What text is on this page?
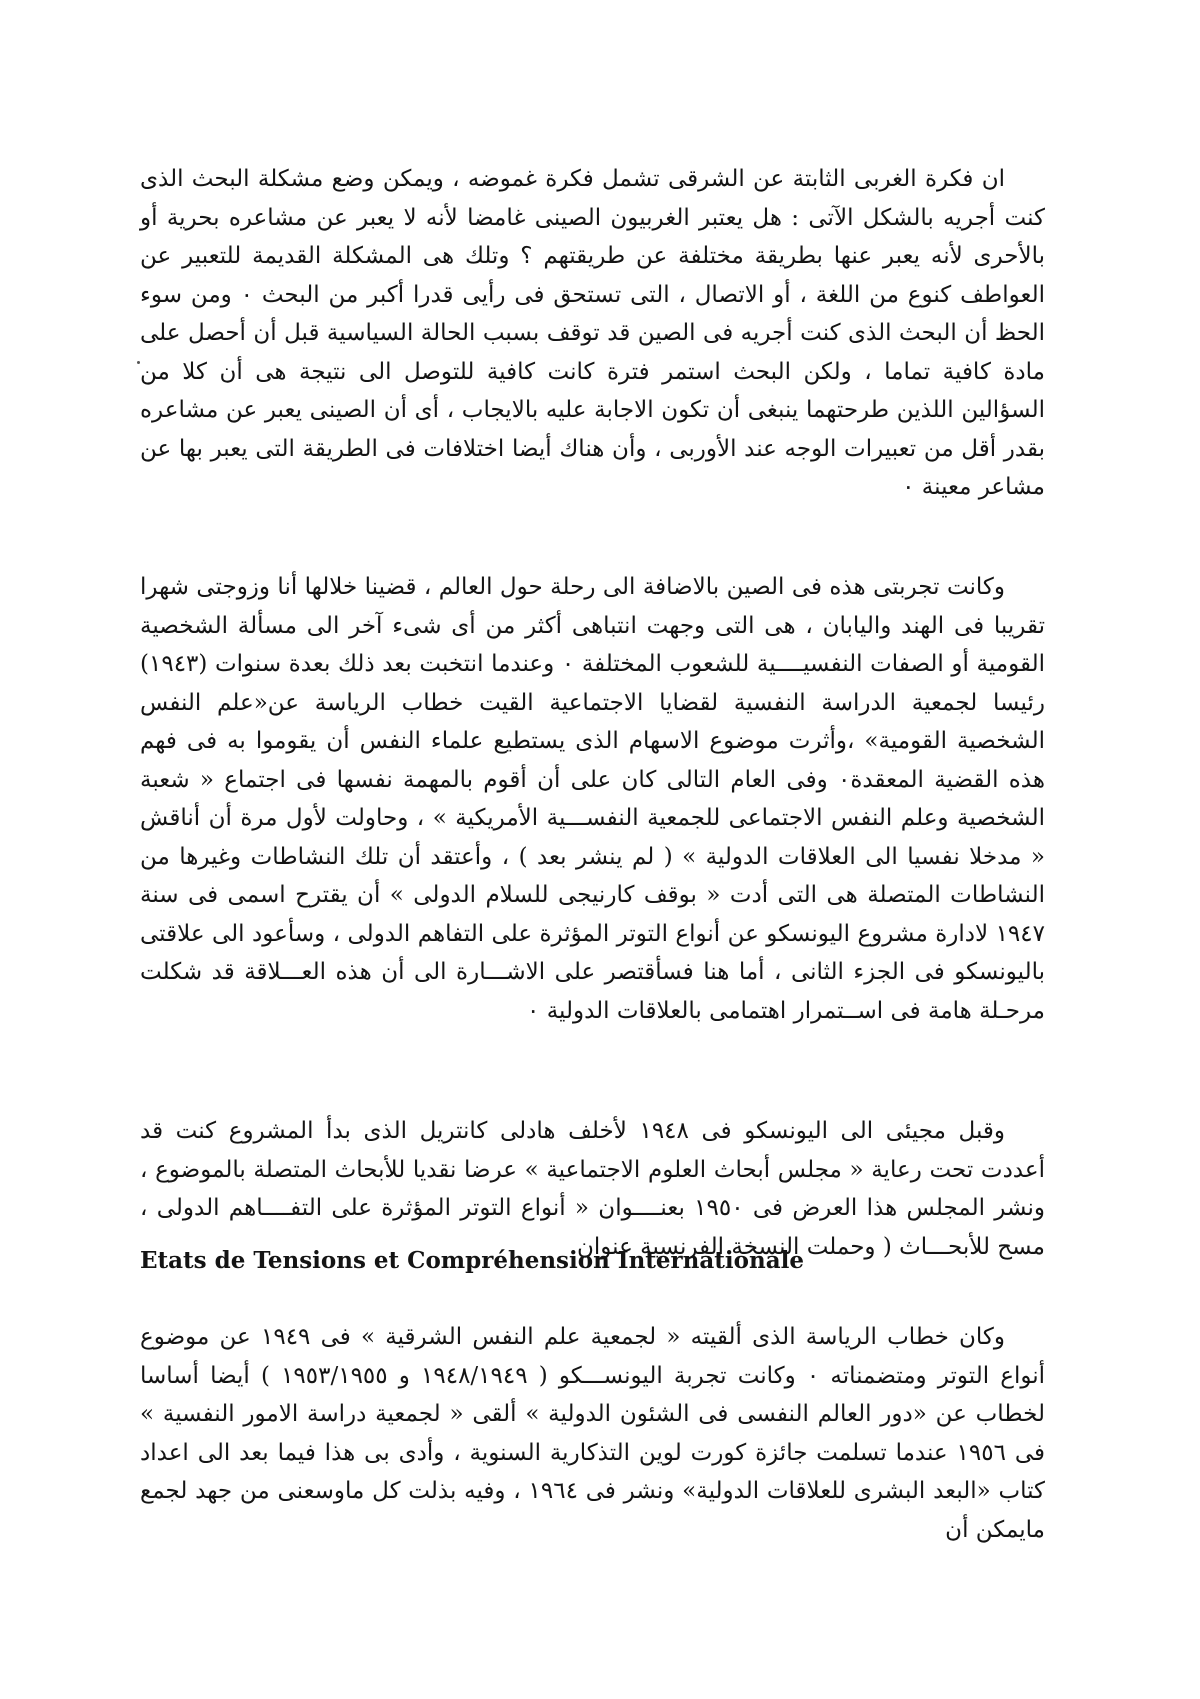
ان فكرة الغربى الثابتة عن الشرقى تشمل فكرة غموضه ، ويمكن وضع مشكلة البحث الذى كنت أجريه بالشكل الآتى : هل يعتبر الغربيون الصينى غامضا لأنه لا يعبر عن مشاعره بحرية أو بالأحرى لأنه يعبر عنها بطريقة مختلفة عن طريقتهم ؟ وتلك هى المشكلة القديمة للتعبير عن العواطف كنوع من اللغة ، أو الاتصال ، التى تستحق فى رأيى قدرا أكبر من البحث ٠ ومن سوء الحظ أن البحث الذى كنت أجريه فى الصين قد توقف بسبب الحالة السياسية قبل أن أحصل على مادة كافية تماما ، ولكن البحث استمر فترة كانت كافية للتوصل الى نتيجة هى أن كلا من السؤالين اللذين طرحتهما ينبغى أن تكون الاجابة عليه بالايجاب ، أى أن الصينى يعبر عن مشاعره بقدر أقل من تعبيرات الوجه عند الأوربى ، وأن هناك أيضا اختلافات فى الطريقة التى يعبر بها عن مشاعر معينة ٠

وكانت تجربتى هذه فى الصين بالاضافة الى رحلة حول العالم ، قضينا خلالها أنا وزوجتى شهرا تقريبا فى الهند واليابان ، هى التى وجهت انتباهى أكثر من أى شىء آخر الى مسألة الشخصية القومية أو الصفات النفسيــــية للشعوب المختلفة ٠ وعندما انتخبت بعد ذلك بعدة سنوات (١٩٤٣) رئيسا لجمعية الدراسة النفسية لقضايا الاجتماعية القيت خطاب الرياسة عن«علم النفس الشخصية القومية» ،وأثرت موضوع الاسهام الذى يستطيع علماء النفس أن يقوموا به فى فهم هذه القضية المعقدة٠ وفى العام التالى كان على أن أقوم بالمهمة نفسها فى اجتماع « شعبة الشخصية وعلم النفس الاجتماعى للجمعية النفســـية الأمريكية » ، وحاولت لأول مرة أن أناقش « مدخلا نفسيا الى العلاقات الدولية » ( لم ينشر بعد ) ، وأعتقد أن تلك النشاطات وغيرها من النشاطات المتصلة هى التى أدت « بوقف كارنيجى للسلام الدولى » أن يقترح اسمى فى سنة ١٩٤٧ لادارة مشروع اليونسكو عن أنواع التوتر المؤثرة على التفاهم الدولى ، وسأعود الى علاقتى باليونسكو فى الجزء الثانى ، أما هنا فسأقتصر على الاشـــارة الى أن هذه العـــلاقة قد شكلت مرحـلة هامة فى اســتمرار اهتمامى بالعلاقات الدولية ٠

وقبل مجيئى الى اليونسكو فى ١٩٤٨ لأخلف هادلى كانتريل الذى بدأ المشروع كنت قد أعددت تحت رعاية « مجلس أبحاث العلوم الاجتماعية » عرضا نقديا للأبحاث المتصلة بالموضوع ، ونشر المجلس هذا العرض فى ١٩٥٠ بعنــــوان « أنواع التوتر المؤثرة على التفــــاهم الدولى ، مسح للأبحـــاث ( وحملت النسخة الفرنسية عنوان

Etats de Tensions et Compréhension Internationale

وكان خطاب الرياسة الذى ألقيته « لجمعية علم النفس الشرقية » فى ١٩٤٩ عن موضوع أنواع التوتر ومتضمناته ٠ وكانت تجربة اليونســـكو ( ١٩٤٨/١٩٤٩ و ١٩٥٣/١٩٥٥ ) أيضا أساسا لخطاب عن «دور العالم النفسى فى الشئون الدولية » ألقى « لجمعية دراسة الامور النفسية » فى ١٩٥٦ عندما تسلمت جائزة كورت لوين التذكارية السنوية ، وأدى بى هذا فيما بعد الى اعداد كتاب «البعد البشرى للعلاقات الدولية» ونشر فى ١٩٦٤ ، وفيه بذلت كل ماوسعنى من جهد لجمع مايمكن أن
